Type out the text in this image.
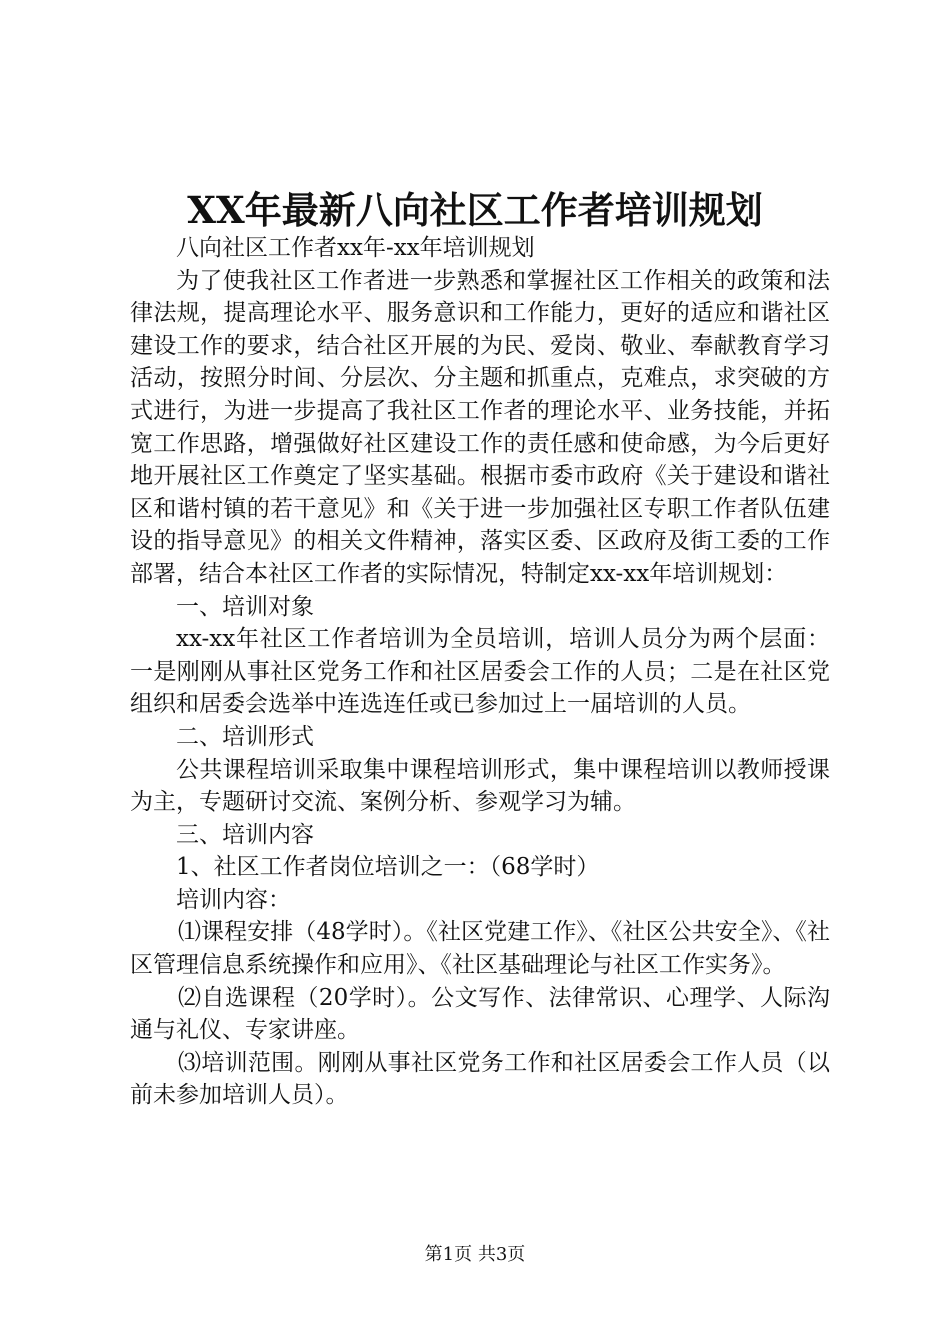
XX年最新八向社区工作者培训规划

八向社区工作者xx年-xx年培训规划

为了使我社区工作者进一步熟悉和掌握社区工作相关的政策和法律法规，提高理论水平、服务意识和工作能力，更好的适应和谐社区建设工作的要求，结合社区开展的为民、爱岗、敬业、奉献教育学习活动，按照分时间、分层次、分主题和抓重点，克难点，求突破的方式进行，为进一步提高了我社区工作者的理论水平、业务技能，并拓宽工作思路，增强做好社区建设工作的责任感和使命感，为今后更好地开展社区工作奠定了坚实基础。根据市委市政府《关于建设和谐社区和谐村镇的若干意见》和《关于进一步加强社区专职工作者队伍建设的指导意见》的相关文件精神，落实区委、区政府及街工委的工作部署，结合本社区工作者的实际情况，特制定xx-xx年培训规划：

一、培训对象

xx-xx年社区工作者培训为全员培训，培训人员分为两个层面：一是刚刚从事社区党务工作和社区居委会工作的人员；二是在社区党组织和居委会选举中连选连任或已参加过上一届培训的人员。

二、培训形式

公共课程培训采取集中课程培训形式，集中课程培训以教师授课为主，专题研讨交流、案例分析、参观学习为辅。

三、培训内容

1、社区工作者岗位培训之一：（68学时）

培训内容：

⑴课程安排（48学时）。《社区党建工作》、《社区公共安全》、《社区管理信息系统操作和应用》、《社区基础理论与社区工作实务》。

⑵自选课程（20学时）。公文写作、法律常识、心理学、人际沟通与礼仪、专家讲座。

⑶培训范围。刚刚从事社区党务工作和社区居委会工作人员（以前未参加培训人员）。

第1页 共3页
